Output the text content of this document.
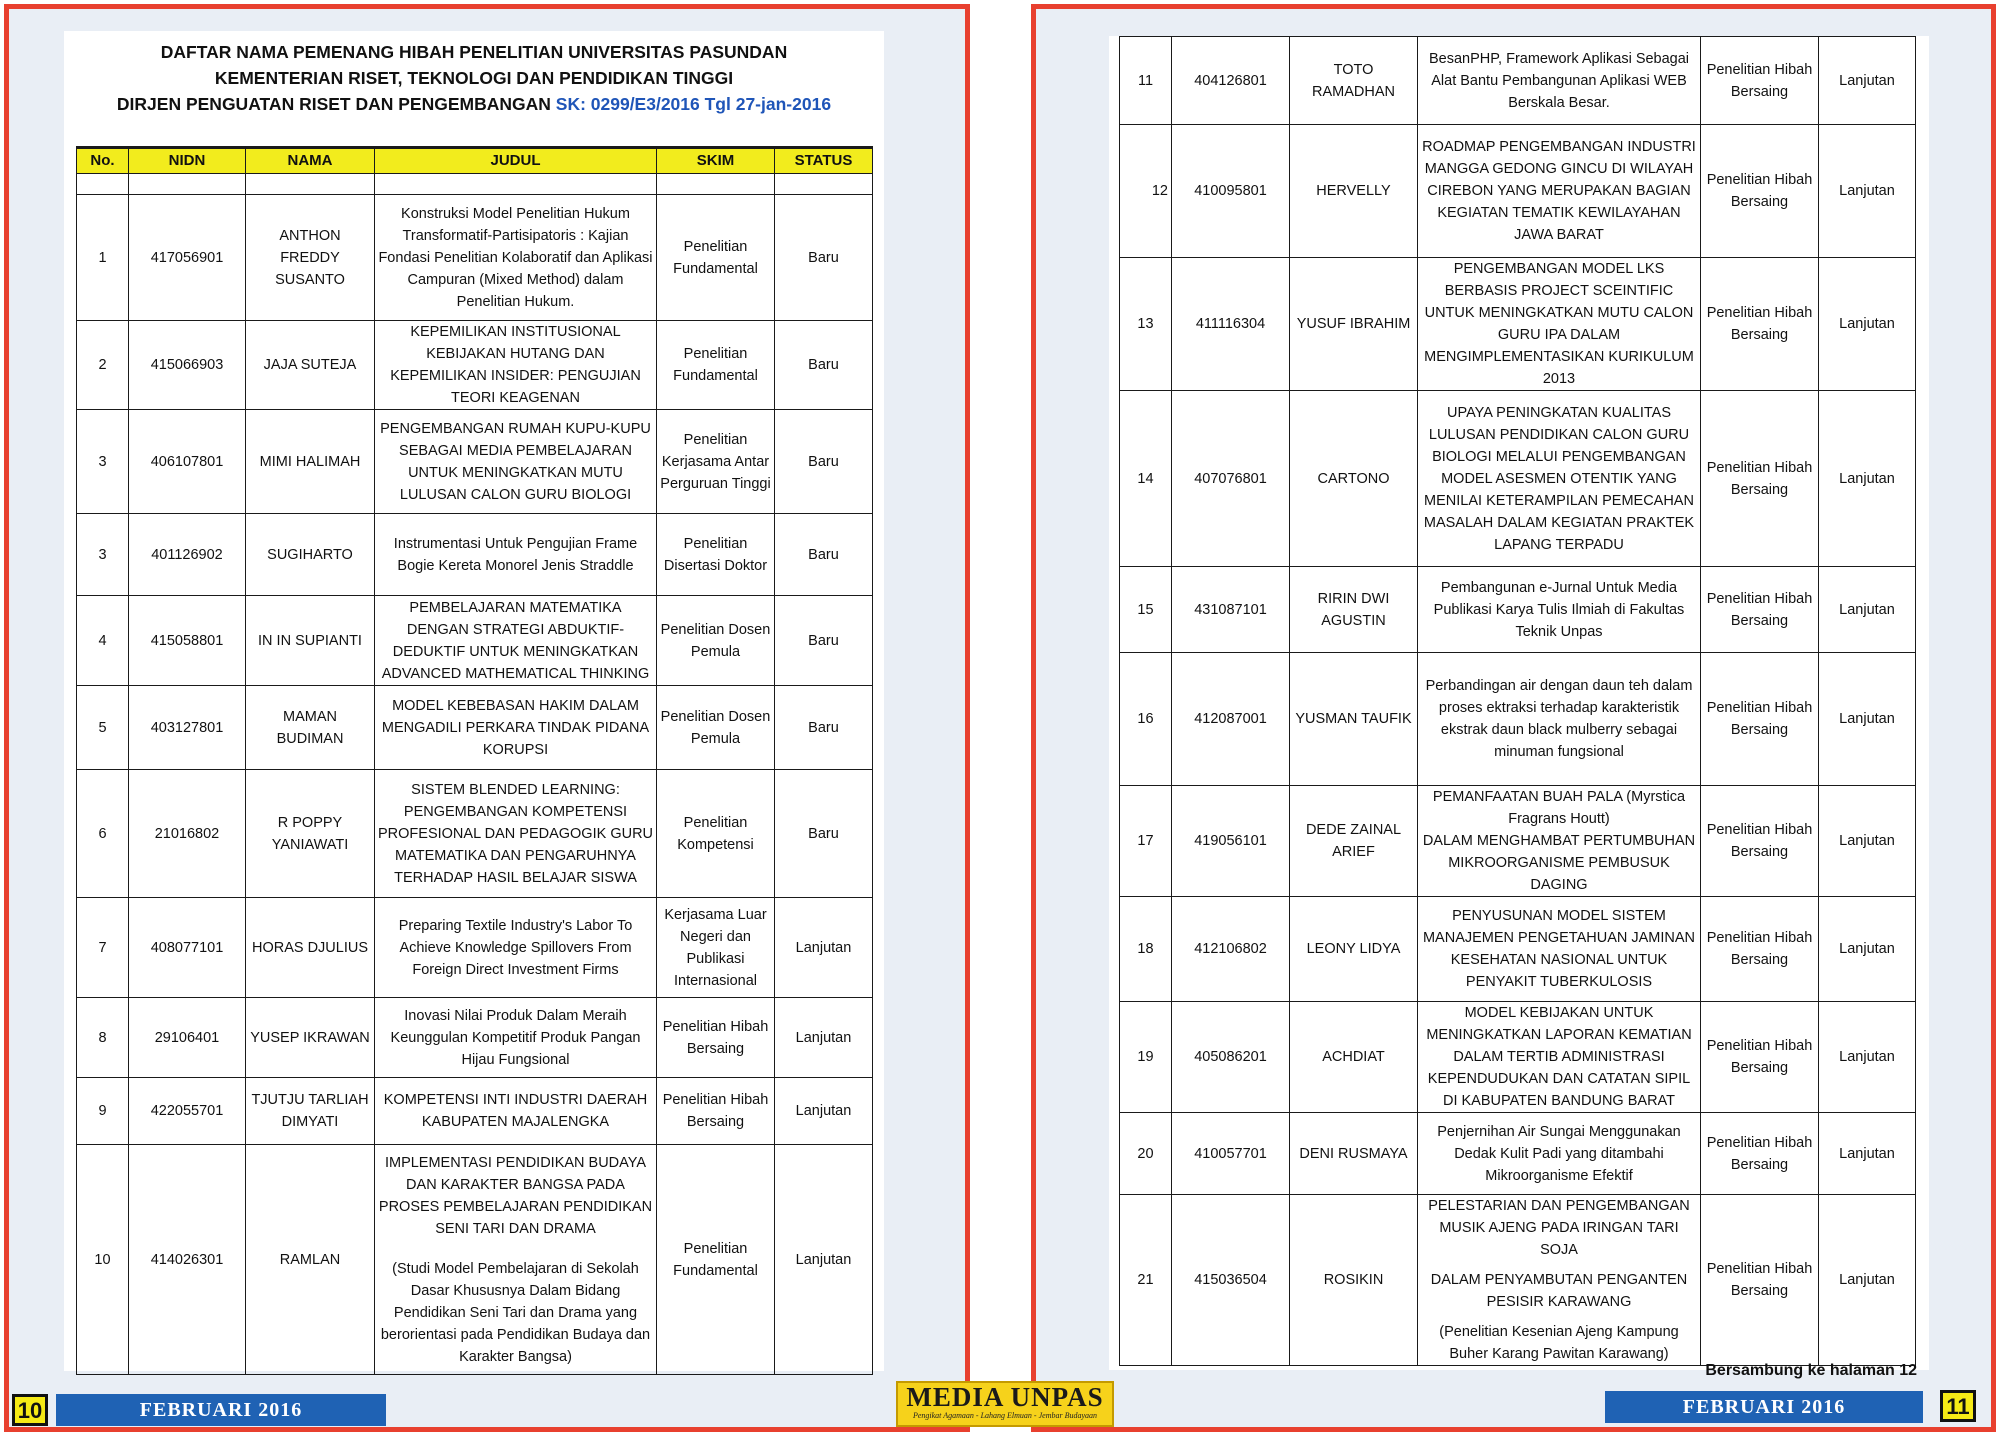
DAFTAR NAMA PEMENANG HIBAH PENELITIAN UNIVERSITAS PASUNDAN
KEMENTERIAN RISET, TEKNOLOGI DAN PENDIDIKAN TINGGI
DIRJEN PENGUATAN RISET DAN PENGEMBANGAN SK: 0299/E3/2016 Tgl 27-jan-2016
No.	NIDN	NAMA	JUDUL	SKIM	STATUS

1	417056901	ANTHON FREDDY SUSANTO	Konstruksi Model Penelitian Hukum Transformatif-Partisipatoris : Kajian Fondasi Penelitian Kolaboratif dan Aplikasi Campuran (Mixed Method) dalam Penelitian Hukum.	Penelitian Fundamental	Baru
2	415066903	JAJA SUTEJA	KEPEMILIKAN INSTITUSIONAL KEBIJAKAN HUTANG DAN KEPEMILIKAN INSIDER: PENGUJIAN TEORI KEAGENAN	Penelitian Fundamental	Baru
3	406107801	MIMI HALIMAH	PENGEMBANGAN RUMAH KUPU-KUPU SEBAGAI MEDIA PEMBELAJARAN UNTUK MENINGKATKAN MUTU LULUSAN CALON GURU BIOLOGI	Penelitian Kerjasama Antar Perguruan Tinggi	Baru
3	401126902	SUGIHARTO	Instrumentasi Untuk Pengujian Frame Bogie Kereta Monorel Jenis Straddle	Penelitian Disertasi Doktor	Baru
4	415058801	IN IN SUPIANTI	PEMBELAJARAN MATEMATIKA DENGAN STRATEGI ABDUKTIF-DEDUKTIF UNTUK MENINGKATKAN ADVANCED MATHEMATICAL THINKING	Penelitian Dosen Pemula	Baru
5	403127801	MAMAN BUDIMAN	MODEL KEBEBASAN HAKIM DALAM MENGADILI PERKARA TINDAK PIDANA KORUPSI	Penelitian Dosen Pemula	Baru
6	21016802	R POPPY YANIAWATI	SISTEM BLENDED LEARNING: PENGEMBANGAN KOMPETENSI PROFESIONAL DAN PEDAGOGIK GURU MATEMATIKA DAN PENGARUHNYA TERHADAP HASIL BELAJAR SISWA	Penelitian Kompetensi	Baru
7	408077101	HORAS DJULIUS	Preparing Textile Industry's Labor To Achieve Knowledge Spillovers From Foreign Direct Investment Firms	Kerjasama Luar Negeri dan Publikasi Internasional	Lanjutan
8	29106401	YUSEP IKRAWAN	Inovasi Nilai Produk Dalam Meraih Keunggulan Kompetitif Produk Pangan Hijau Fungsional	Penelitian Hibah Bersaing	Lanjutan
9	422055701	TJUTJU TARLIAH DIMYATI	KOMPETENSI INTI INDUSTRI DAERAH KABUPATEN MAJALENGKA	Penelitian Hibah Bersaing	Lanjutan
10	414026301	RAMLAN	IMPLEMENTASI PENDIDIKAN BUDAYA DAN KARAKTER BANGSA PADA PROSES PEMBELAJARAN PENDIDIKAN SENI TARI DAN DRAMA
(Studi Model Pembelajaran di Sekolah Dasar Khususnya Dalam Bidang Pendidikan Seni Tari dan Drama yang berorientasi pada Pendidikan Budaya dan Karakter Bangsa)	Penelitian Fundamental	Lanjutan
11	404126801	TOTO RAMADHAN	BesanPHP, Framework Aplikasi Sebagai Alat Bantu Pembangunan Aplikasi WEB Berskala Besar.	Penelitian Hibah Bersaing	Lanjutan
12	410095801	HERVELLY	ROADMAP PENGEMBANGAN INDUSTRI MANGGA GEDONG GINCU DI WILAYAH CIREBON YANG MERUPAKAN BAGIAN KEGIATAN TEMATIK KEWILAYAHAN JAWA BARAT	Penelitian Hibah Bersaing	Lanjutan
13	411116304	YUSUF IBRAHIM	PENGEMBANGAN MODEL LKS BERBASIS PROJECT SCEINTIFIC UNTUK MENINGKATKAN MUTU CALON GURU IPA DALAM MENGIMPLEMENTASIKAN KURIKULUM 2013	Penelitian Hibah Bersaing	Lanjutan
14	407076801	CARTONO	UPAYA PENINGKATAN KUALITAS LULUSAN PENDIDIKAN CALON GURU BIOLOGI MELALUI PENGEMBANGAN MODEL ASESMEN OTENTIK YANG MENILAI KETERAMPILAN PEMECAHAN MASALAH DALAM KEGIATAN PRAKTEK LAPANG TERPADU	Penelitian Hibah Bersaing	Lanjutan
15	431087101	RIRIN DWI AGUSTIN	Pembangunan e-Jurnal Untuk Media Publikasi Karya Tulis Ilmiah di Fakultas Teknik Unpas	Penelitian Hibah Bersaing	Lanjutan
16	412087001	YUSMAN TAUFIK	Perbandingan air dengan daun teh dalam proses ektraksi terhadap karakteristik ekstrak daun black mulberry sebagai minuman fungsional	Penelitian Hibah Bersaing	Lanjutan
17	419056101	DEDE ZAINAL ARIEF	PEMANFAATAN BUAH PALA (Myrstica Fragrans Houtt)
DALAM MENGHAMBAT PERTUMBUHAN MIKROORGANISME PEMBUSUK DAGING	Penelitian Hibah Bersaing	Lanjutan
18	412106802	LEONY LIDYA	PENYUSUNAN MODEL SISTEM MANAJEMEN PENGETAHUAN JAMINAN KESEHATAN NASIONAL UNTUK PENYAKIT TUBERKULOSIS	Penelitian Hibah Bersaing	Lanjutan
19	405086201	ACHDIAT	MODEL KEBIJAKAN UNTUK MENINGKATKAN LAPORAN KEMATIAN DALAM TERTIB ADMINISTRASI KEPENDUDUKAN DAN CATATAN SIPIL DI KABUPATEN BANDUNG BARAT	Penelitian Hibah Bersaing	Lanjutan
20	410057701	DENI RUSMAYA	Penjernihan Air Sungai Menggunakan Dedak Kulit Padi yang ditambahi Mikroorganisme Efektif	Penelitian Hibah Bersaing	Lanjutan
21	415036504	ROSIKIN	PELESTARIAN DAN PENGEMBANGAN MUSIK AJENG PADA IRINGAN TARI SOJA
DALAM PENYAMBUTAN PENGANTEN PESISIR KARAWANG
(Penelitian Kesenian Ajeng Kampung Buher Karang Pawitan Karawang)	Penelitian Hibah Bersaing	Lanjutan
10	FEBRUARI 2016	MEDIA UNPAS
Pengikat Agamaan - Lahang Elmuan - Jembar Budayaan
Bersambung ke halaman 12
FEBRUARI 2016	11
